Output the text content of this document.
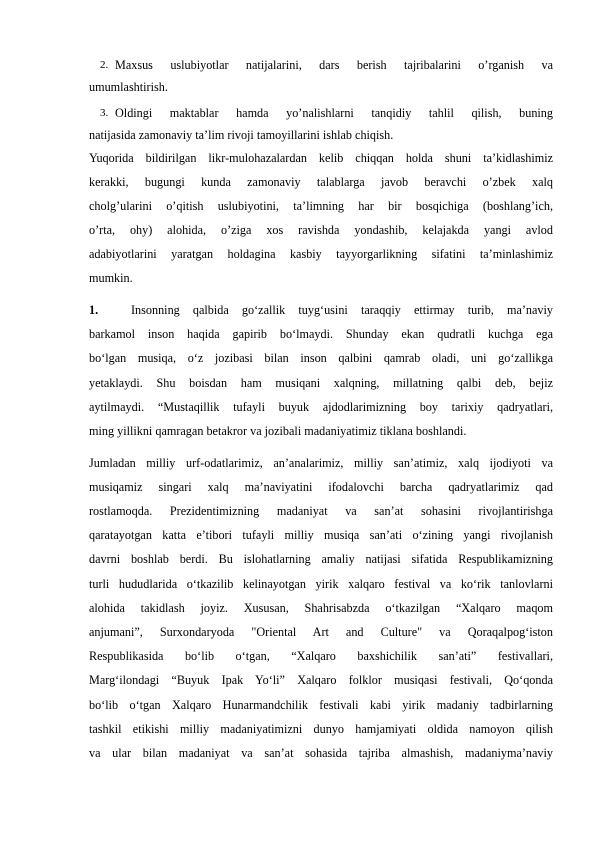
2. Maxsus uslubiyotlar natijalarini, dars berish tajribalarini o’rganish va
umumlashtirish.
3. Oldingi maktablar hamda yo’nalishlarni tanqidiy tahlil qilish, buning
natijasida zamonaviy ta’lim rivoji tamoyillarini ishlab chiqish.
Yuqorida bildirilgan likr-mulohazalardan kelib chiqqan holda shuni ta’kidlashimiz
kerakki, bugungi kunda zamonaviy talablarga javob beravchi o’zbek xalq
cholg’ularini o’qitish uslubiyotini, ta’limning har bir bosqichiga (boshlang’ich,
o’rta, ohy) alohida, o’ziga xos ravishda yondashib, kelajakda yangi avlod
adabiyotlarini yaratgan holdagina kasbiy tayyorgarlikning sifatini ta’minlashimiz
mumkin.
1.	Insonning qalbida go‘zallik tuyg‘usini taraqqiy ettirmay turib, ma’naviy
barkamol inson haqida gapirib bo‘lmaydi. Shunday ekan qudratli kuchga ega
bo‘lgan musiqa, o‘z jozibasi bilan inson qalbini qamrab oladi, uni go‘zallikga
yetaklaydi. Shu boisdan ham musiqani xalqning, millatning qalbi deb, bejiz
aytilmaydi. “Mustaqillik tufayli buyuk ajdodlarimizning boy tarixiy qadryatlari,
ming yillikni qamragan betakror va jozibali madaniyatimiz tiklana boshlandi.
Jumladan milliy urf-odatlarimiz, an’analarimiz, milliy san’atimiz, xalq ijodiyoti va
musiqamiz singari xalq ma’naviyatini ifodalovchi barcha qadryatlarimiz qad
rostlamoqda. Prezidentimizning madaniyat va san’at sohasini rivojlantirishga
qaratayotgan katta e’tibori tufayli milliy musiqa san’ati o‘zining yangi rivojlanish
davrni boshlab berdi. Bu islohatlarning amaliy natijasi sifatida Respublikamizning
turli hududlarida o‘tkazilib kelinayotgan yirik xalqaro festival va ko‘rik tanlovlarni
alohida takidlash joyiz. Xususan, Shahrisabzda o‘tkazilgan “Xalqaro maqom
anjumani”, Surxondaryoda "Oriental Art and Culture" va Qoraqalpog‘iston
Respublikasida bo‘lib o‘tgan, “Xalqaro baxshichilik san’ati” festivallari,
Marg‘ilondagi “Buyuk Ipak Yo‘li” Xalqaro folklor musiqasi festivali, Qo‘qonda
bo‘lib o‘tgan Xalqaro Hunarmandchilik festivali kabi yirik madaniy tadbirlarning
tashkil etikishi milliy madaniyatimizni dunyo hamjamiyati oldida namoyon qilish
va ular bilan madaniyat va san’at sohasida tajriba almashish, madaniyma’naviy
